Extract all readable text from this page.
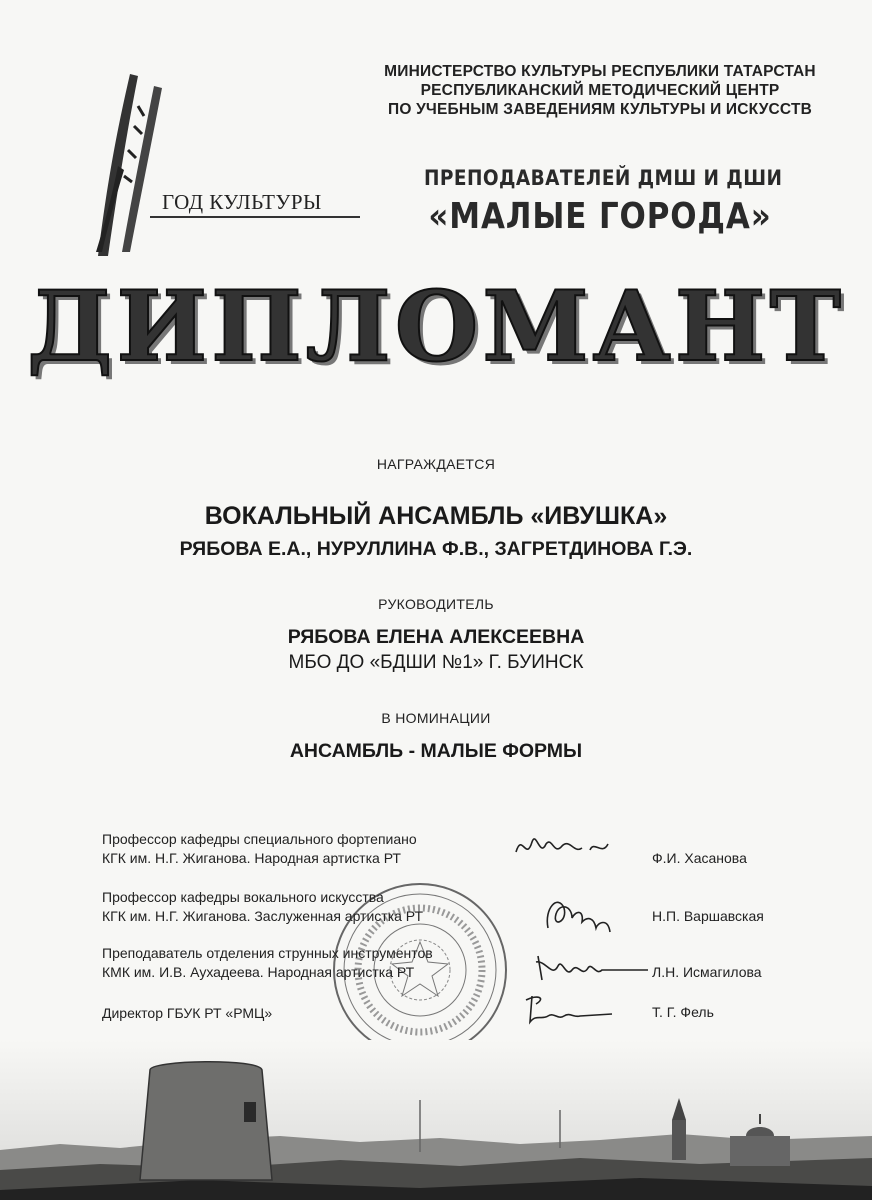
ГОД КУЛЬТУРЫ
МИНИСТЕРСТВО КУЛЬТУРЫ РЕСПУБЛИКИ ТАТАРСТАН
РЕСПУБЛИКАНСКИЙ МЕТОДИЧЕСКИЙ ЦЕНТР
ПО УЧЕБНЫМ ЗАВЕДЕНИЯМ КУЛЬТУРЫ И ИСКУССТВ
ПРЕПОДАВАТЕЛЕЙ ДМШ И ДШИ
«МАЛЫЕ ГОРОДА»
ДИПЛОМАНТ
НАГРАЖДАЕТСЯ
ВОКАЛЬНЫЙ АНСАМБЛЬ «ИВУШКА»
РЯБОВА Е.А., НУРУЛЛИНА Ф.В., ЗАГРЕТДИНОВА Г.Э.
РУКОВОДИТЕЛЬ
РЯБОВА ЕЛЕНА АЛЕКСЕЕВНА
МБО ДО «БДШИ №1» Г. БУИНСК
В НОМИНАЦИИ
АНСАМБЛЬ - МАЛЫЕ ФОРМЫ
Профессор кафедры специального фортепиано
КГК им. Н.Г. Жиганова. Народная артистка РТ	Ф.И. Хасанова
Профессор кафедры вокального искусства
КГК им. Н.Г. Жиганова. Заслуженная артистка РТ	Н.П. Варшавская
Преподаватель отделения струнных инструментов
КМК им. И.В. Аухадеева. Народная артистка РТ	Л.Н. Исмагилова
Директор ГБУК РТ «РМЦ»	Т. Г. Фель
